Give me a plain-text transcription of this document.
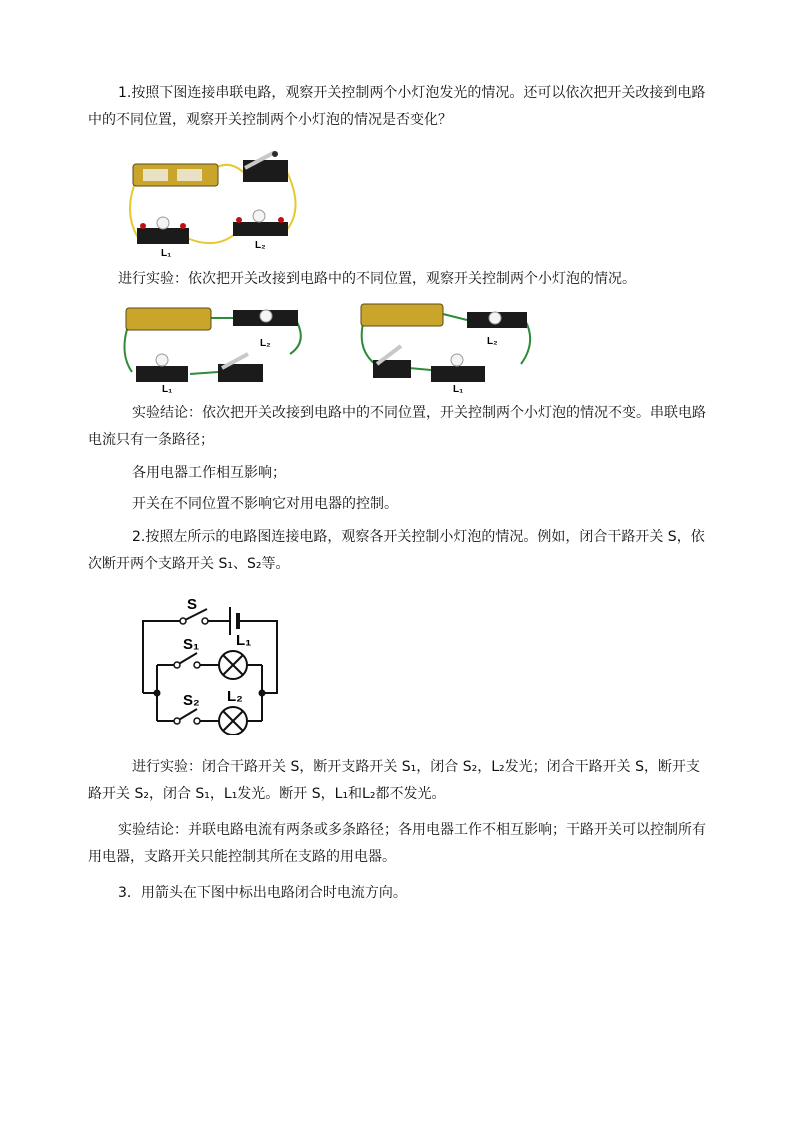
1.按照下图连接串联电路，观察开关控制两个小灯泡发光的情况。还可以依次把开关改接到电路中的不同位置，观察开关控制两个小灯泡的情况是否变化？

L₁
L₂

进行实验：依次把开关改接到电路中的不同位置，观察开关控制两个小灯泡的情况。

L₂
L₁
L₂
L₁

实验结论：依次把开关改接到电路中的不同位置，开关控制两个小灯泡的情况不变。串联电路电流只有一条路径；

各用电器工作相互影响；

开关在不同位置不影响它对用电器的控制。

2.按照左所示的电路图连接电路，观察各开关控制小灯泡的情况。例如，闭合干路开关 S，依次断开两个支路开关 S₁、S₂等。

S
S₁ L₁
S₂ L₂

进行实验：闭合干路开关 S，断开支路开关 S₁，闭合 S₂，L₂发光；闭合干路开关 S，断开支路开关 S₂，闭合 S₁，L₁发光。断开 S，L₁和L₂都不发光。

实验结论：并联电路电流有两条或多条路径；各用电器工作不相互影响；干路开关可以控制所有用电器，支路开关只能控制其所在支路的用电器。

3．用箭头在下图中标出电路闭合时电流方向。
